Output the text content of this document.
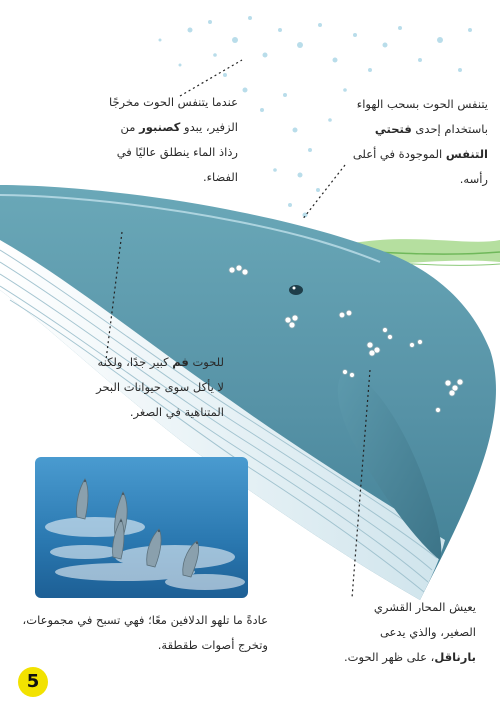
عندما يتنفس الحوت مخرجًا
الزفير، يبدو كصنبور من
رذاذ الماء ينطلق عاليًا في
الفضاء.
يتنفس الحوت بسحب الهواء
باستخدام إحدى فتحتي
التنفس الموجودة في أعلى
رأسه.
للحوت فم كبير جدًا، ولكنه
لا يأكل سوى حيوانات البحر
المتناهية في الصغر.
يعيش المحار القشري
الصغير، والذي يدعى
بارناقل، على ظهر الحوت.
عادةً ما تلهو الدلافين معًا؛ فهي تسبح في مجموعات،
وتخرج أصوات طقطقة.
5
